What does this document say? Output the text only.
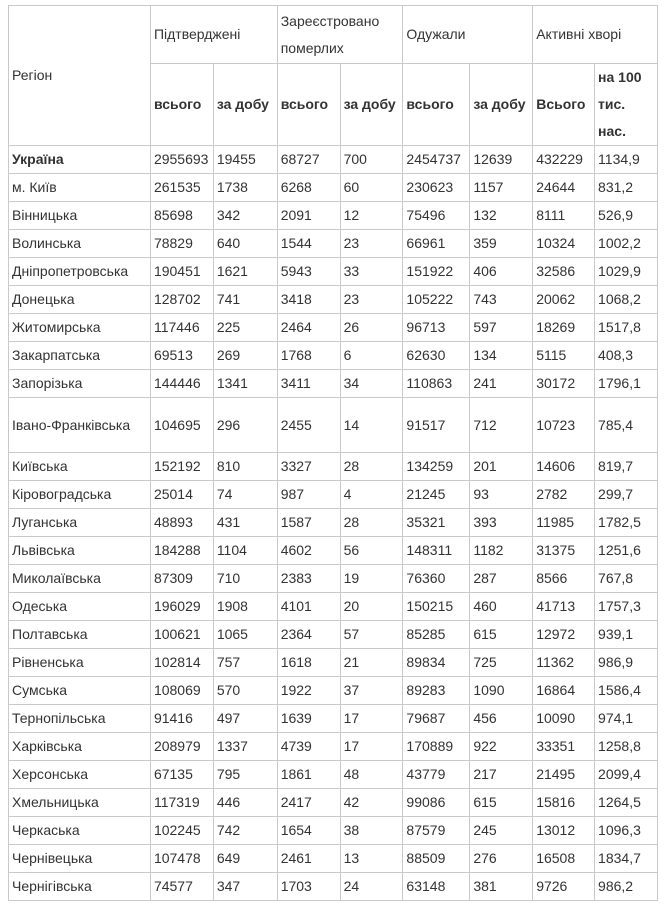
Регіон	Підтверджені		Зареєстровано померлих		Одужали		Активні хворі	
	всього	за добу	всього	за добу	всього	за добу	Всього	на 100 тис. нас.
Україна	2955693	19455	68727	700	2454737	12639	432229	1134,9
м. Київ	261535	1738	6268	60	230623	1157	24644	831,2
Вінницька	85698	342	2091	12	75496	132	8111	526,9
Волинська	78829	640	1544	23	66961	359	10324	1002,2
Дніпропетровська	190451	1621	5943	33	151922	406	32586	1029,9
Донецька	128702	741	3418	23	105222	743	20062	1068,2
Житомирська	117446	225	2464	26	96713	597	18269	1517,8
Закарпатська	69513	269	1768	6	62630	134	5115	408,3
Запорізька	144446	1341	3411	34	110863	241	30172	1796,1
Івано-Франківська	104695	296	2455	14	91517	712	10723	785,4
Київська	152192	810	3327	28	134259	201	14606	819,7
Кіровоградська	25014	74	987	4	21245	93	2782	299,7
Луганська	48893	431	1587	28	35321	393	11985	1782,5
Львівська	184288	1104	4602	56	148311	1182	31375	1251,6
Миколаївська	87309	710	2383	19	76360	287	8566	767,8
Одеська	196029	1908	4101	20	150215	460	41713	1757,3
Полтавська	100621	1065	2364	57	85285	615	12972	939,1
Рівненська	102814	757	1618	21	89834	725	11362	986,9
Сумська	108069	570	1922	37	89283	1090	16864	1586,4
Тернопільська	91416	497	1639	17	79687	456	10090	974,1
Харківська	208979	1337	4739	17	170889	922	33351	1258,8
Херсонська	67135	795	1861	48	43779	217	21495	2099,4
Хмельницька	117319	446	2417	42	99086	615	15816	1264,5
Черкаська	102245	742	1654	38	87579	245	13012	1096,3
Чернівецька	107478	649	2461	13	88509	276	16508	1834,7
Чернігівська	74577	347	1703	24	63148	381	9726	986,2
